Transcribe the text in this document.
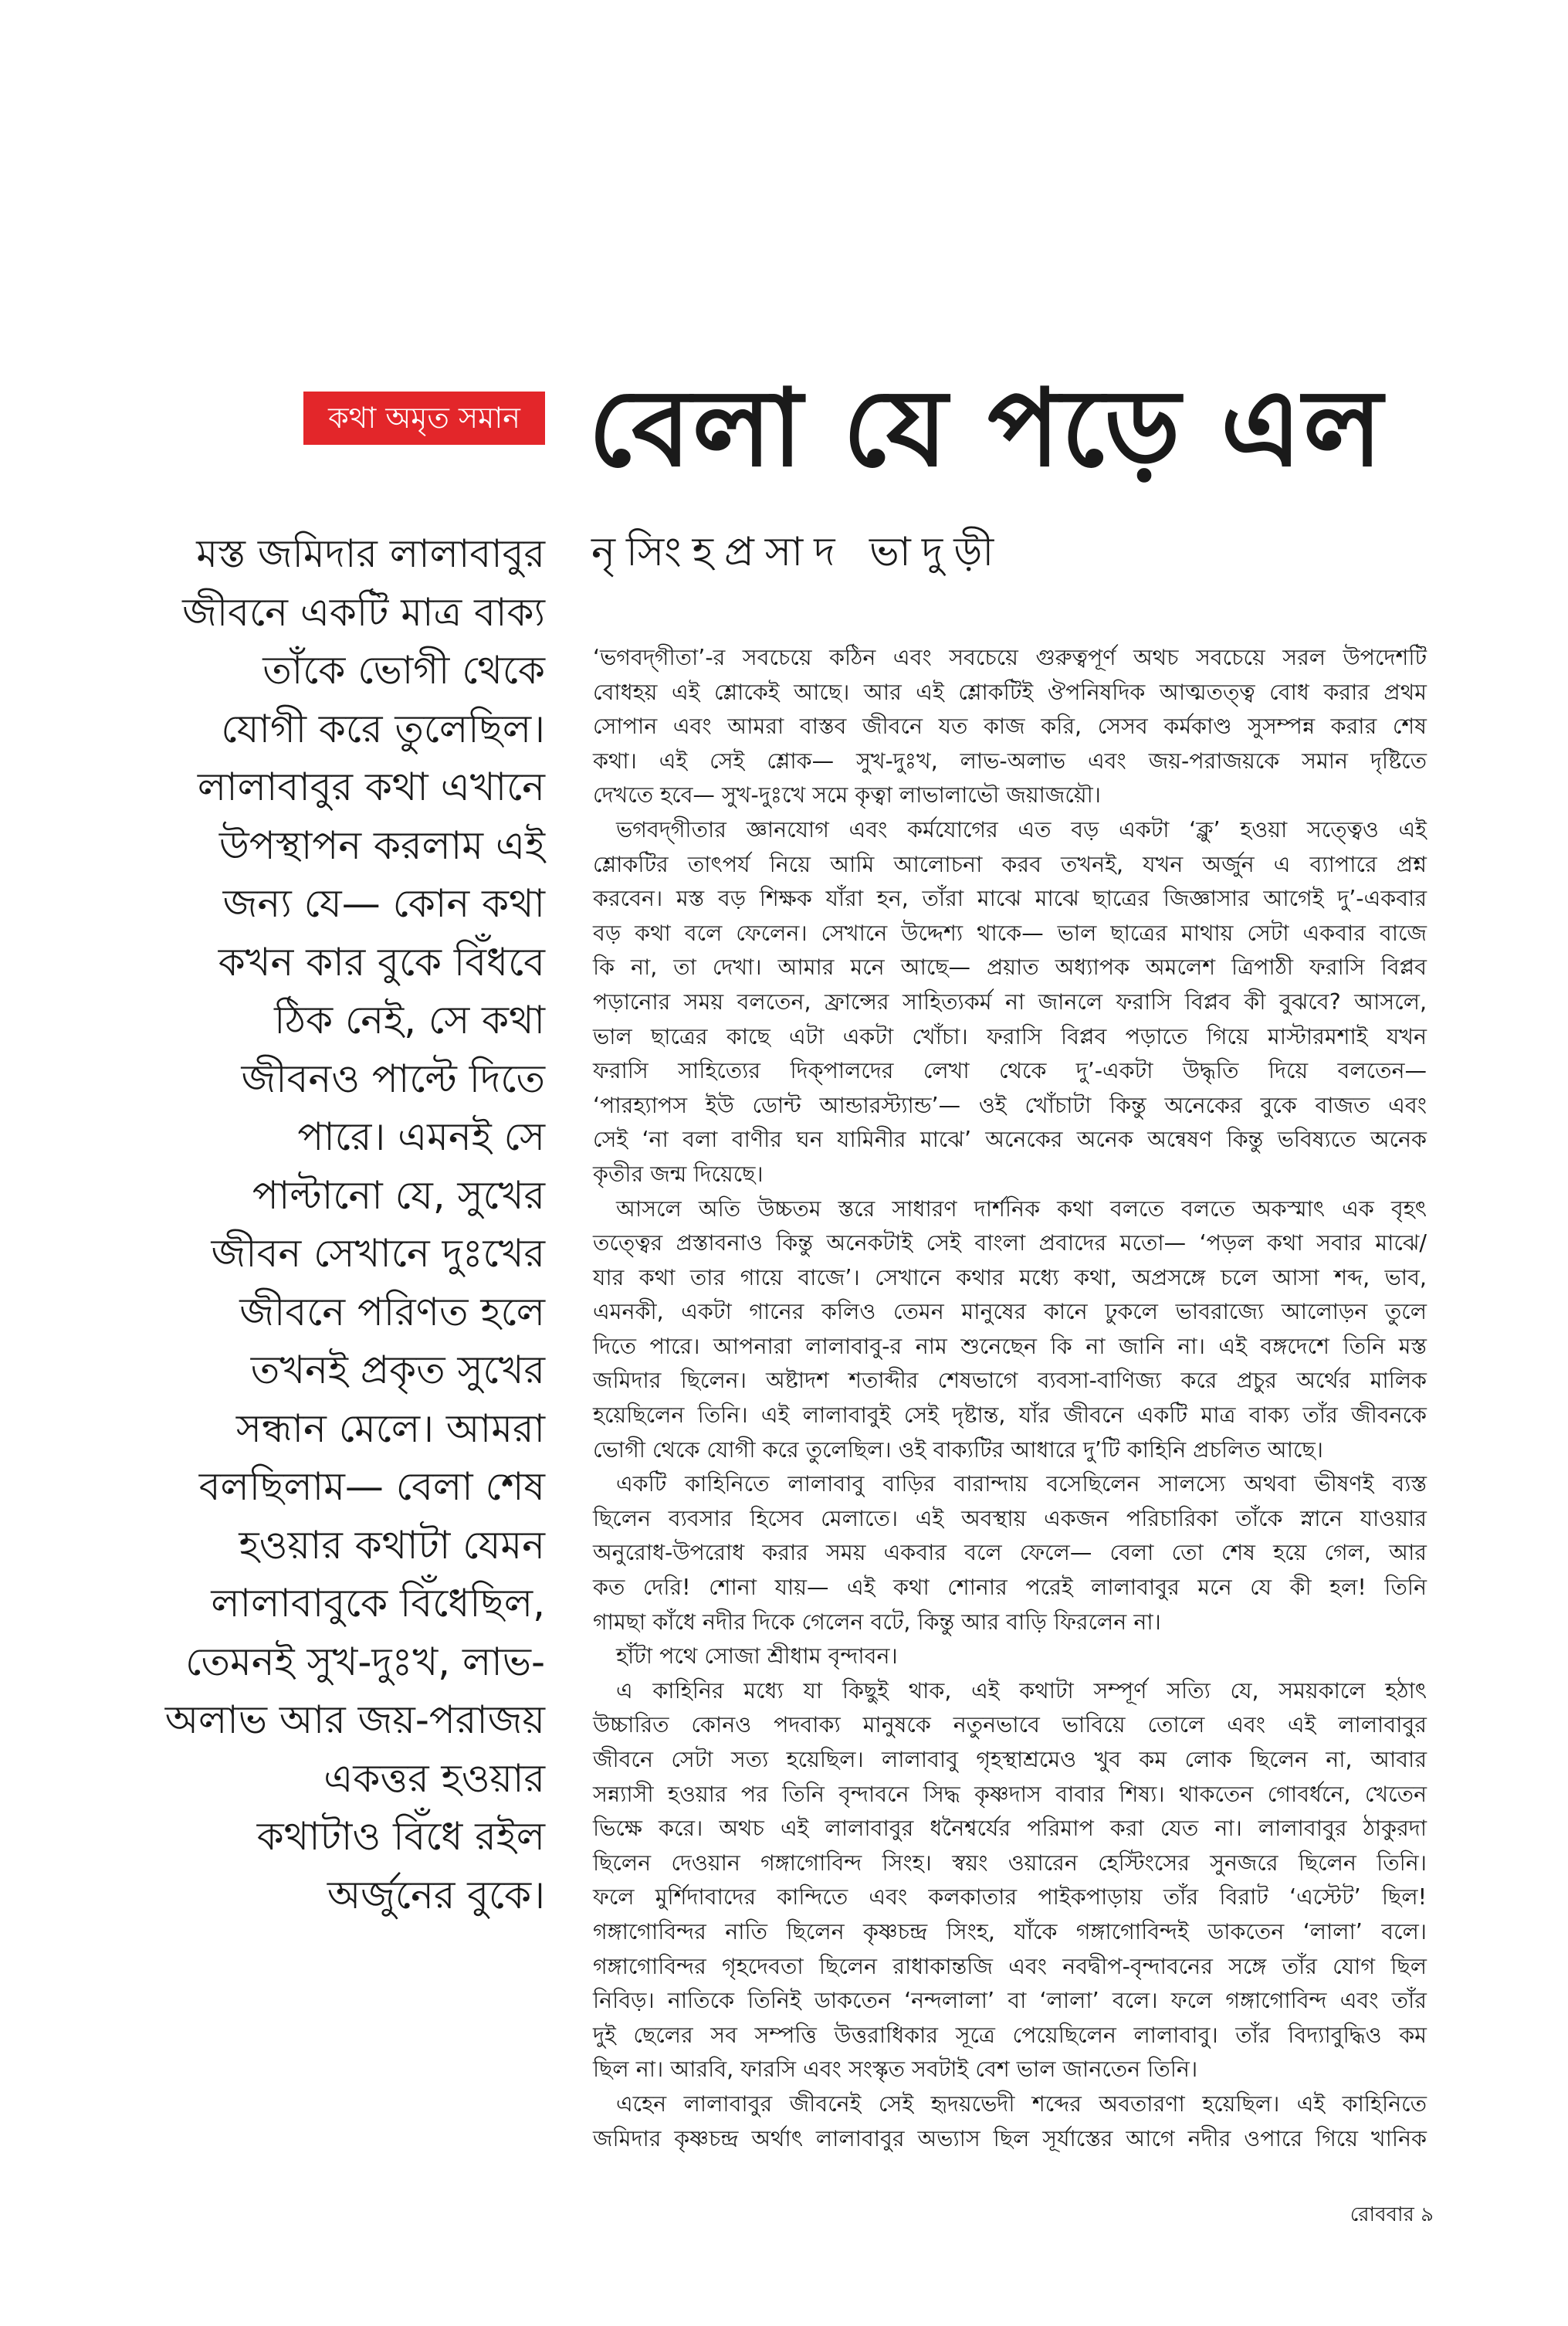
কথা অমৃত সমান বেলা যে পড়ে এল
নৃসিংহপ্রসাদ ভাদুড়ী
মস্ত জমিদার লালাবাবুর
জীবনে একটি মাত্র বাক্য
তাঁকে ভোগী থেকে
যোগী করে তুলেছিল।
লালাবাবুর কথা এখানে
উপস্থাপন করলাম এই
জন্য যে— কোন কথা
কখন কার বুকে বিঁধবে
ঠিক নেই, সে কথা
জীবনও পাল্টে দিতে
পারে। এমনই সে
পাল্টানো যে, সুখের
জীবন সেখানে দুঃখের
জীবনে পরিণত হলে
তখনই প্রকৃত সুখের
সন্ধান মেলে। আমরা
বলছিলাম— বেলা শেষ
হওয়ার কথাটা যেমন
লালাবাবুকে বিঁধেছিল,
তেমনই সুখ-দুঃখ, লাভ-
অলাভ আর জয়-পরাজয়
একত্তর হওয়ার
কথাটাও বিঁধে রইল
অর্জুনের বুকে।
‘ভগবদ্‌গীতা’-র সবচেয়ে কঠিন এবং সবচেয়ে গুরুত্বপূর্ণ অথচ সবচেয়ে সরল উপদেশটি
বোধহয় এই শ্লোকেই আছে। আর এই শ্লোকটিই ঔপনিষদিক আত্মতত্ত্ব বোধ করার প্রথম
সোপান এবং আমরা বাস্তব জীবনে যত কাজ করি, সেসব কর্মকাণ্ড সুসম্পন্ন করার শেষ
কথা। এই সেই শ্লোক— সুখ-দুঃখ, লাভ-অলাভ এবং জয়-পরাজয়কে সমান দৃষ্টিতে
দেখতে হবে— সুখ-দুঃখে সমে কৃত্বা লাভালাভৌ জয়াজয়ৌ।
ভগবদ্‌গীতার জ্ঞানযোগ এবং কর্মযোগের এত বড় একটা ‘ক্লু’ হওয়া সত্ত্বেও এই
শ্লোকটির তাৎপর্য নিয়ে আমি আলোচনা করব তখনই, যখন অর্জুন এ ব্যাপারে প্রশ্ন
করবেন। মস্ত বড় শিক্ষক যাঁরা হন, তাঁরা মাঝে মাঝে ছাত্রের জিজ্ঞাসার আগেই দু’-একবার
বড় কথা বলে ফেলেন। সেখানে উদ্দেশ্য থাকে— ভাল ছাত্রের মাথায় সেটা একবার বাজে
কি না, তা দেখা। আমার মনে আছে— প্রয়াত অধ্যাপক অমলেশ ত্রিপাঠী ফরাসি বিপ্লব
পড়ানোর সময় বলতেন, ফ্রান্সের সাহিত্যকর্ম না জানলে ফরাসি বিপ্লব কী বুঝবে? আসলে,
ভাল ছাত্রের কাছে এটা একটা খোঁচা। ফরাসি বিপ্লব পড়াতে গিয়ে মাস্টারমশাই যখন
ফরাসি সাহিত্যের দিক্‌পালদের লেখা থেকে দু’-একটা উদ্ধৃতি দিয়ে বলতেন—
‘পারহ্যাপস ইউ ডোন্ট আন্ডারস্ট্যান্ড’— ওই খোঁচাটা কিন্তু অনেকের বুকে বাজত এবং
সেই ‘না বলা বাণীর ঘন যামিনীর মাঝে’ অনেকের অনেক অন্বেষণ কিন্তু ভবিষ্যতে অনেক
কৃতীর জন্ম দিয়েছে।
আসলে অতি উচ্চতম স্তরে সাধারণ দার্শনিক কথা বলতে বলতে অকস্মাৎ এক বৃহৎ
তত্ত্বের প্রস্তাবনাও কিন্তু অনেকটাই সেই বাংলা প্রবাদের মতো— ‘পড়ল কথা সবার মাঝে/
যার কথা তার গায়ে বাজে’। সেখানে কথার মধ্যে কথা, অপ্রসঙ্গে চলে আসা শব্দ, ভাব,
এমনকী, একটা গানের কলিও তেমন মানুষের কানে ঢুকলে ভাবরাজ্যে আলোড়ন তুলে
দিতে পারে। আপনারা লালাবাবু-র নাম শুনেছেন কি না জানি না। এই বঙ্গদেশে তিনি মস্ত
জমিদার ছিলেন। অষ্টাদশ শতাব্দীর শেষভাগে ব্যবসা-বাণিজ্য করে প্রচুর অর্থের মালিক
হয়েছিলেন তিনি। এই লালাবাবুই সেই দৃষ্টান্ত, যাঁর জীবনে একটি মাত্র বাক্য তাঁর জীবনকে
ভোগী থেকে যোগী করে তুলেছিল। ওই বাক্যটির আধারে দু’টি কাহিনি প্রচলিত আছে।
একটি কাহিনিতে লালাবাবু বাড়ির বারান্দায় বসেছিলেন সালস্যে অথবা ভীষণই ব্যস্ত
ছিলেন ব্যবসার হিসেব মেলাতে। এই অবস্থায় একজন পরিচারিকা তাঁকে স্নানে যাওয়ার
অনুরোধ-উপরোধ করার সময় একবার বলে ফেলে— বেলা তো শেষ হয়ে গেল, আর
কত দেরি! শোনা যায়— এই কথা শোনার পরেই লালাবাবুর মনে যে কী হল! তিনি
গামছা কাঁধে নদীর দিকে গেলেন বটে, কিন্তু আর বাড়ি ফিরলেন না।
হাঁটা পথে সোজা শ্রীধাম বৃন্দাবন।
এ কাহিনির মধ্যে যা কিছুই থাক, এই কথাটা সম্পূর্ণ সত্যি যে, সময়কালে হঠাৎ
উচ্চারিত কোনও পদবাক্য মানুষকে নতুনভাবে ভাবিয়ে তোলে এবং এই লালাবাবুর
জীবনে সেটা সত্য হয়েছিল। লালাবাবু গৃহস্থাশ্রমেও খুব কম লোক ছিলেন না, আবার
সন্ন্যাসী হওয়ার পর তিনি বৃন্দাবনে সিদ্ধ কৃষ্ণদাস বাবার শিষ্য। থাকতেন গোবর্ধনে, খেতেন
ভিক্ষে করে। অথচ এই লালাবাবুর ধনৈশ্বর্যের পরিমাপ করা যেত না। লালাবাবুর ঠাকুরদা
ছিলেন দেওয়ান গঙ্গাগোবিন্দ সিংহ। স্বয়ং ওয়ারেন হেস্টিংসের সুনজরে ছিলেন তিনি।
ফলে মুর্শিদাবাদের কান্দিতে এবং কলকাতার পাইকপাড়ায় তাঁর বিরাট ‘এস্টেট’ ছিল!
গঙ্গাগোবিন্দর নাতি ছিলেন কৃষ্ণচন্দ্র সিংহ, যাঁকে গঙ্গাগোবিন্দই ডাকতেন ‘লালা’ বলে।
গঙ্গাগোবিন্দর গৃহদেবতা ছিলেন রাধাকান্তজি এবং নবদ্বীপ-বৃন্দাবনের সঙ্গে তাঁর যোগ ছিল
নিবিড়। নাতিকে তিনিই ডাকতেন ‘নন্দলালা’ বা ‘লালা’ বলে। ফলে গঙ্গাগোবিন্দ এবং তাঁর
দুই ছেলের সব সম্পত্তি উত্তরাধিকার সূত্রে পেয়েছিলেন লালাবাবু। তাঁর বিদ্যাবুদ্ধিও কম
ছিল না। আরবি, ফারসি এবং সংস্কৃত সবটাই বেশ ভাল জানতেন তিনি।
এহেন লালাবাবুর জীবনেই সেই হৃদয়ভেদী শব্দের অবতারণা হয়েছিল। এই কাহিনিতে
জমিদার কৃষ্ণচন্দ্র অর্থাৎ লালাবাবুর অভ্যাস ছিল সূর্যাস্তের আগে নদীর ওপারে গিয়ে খানিক
রোববার ৯
